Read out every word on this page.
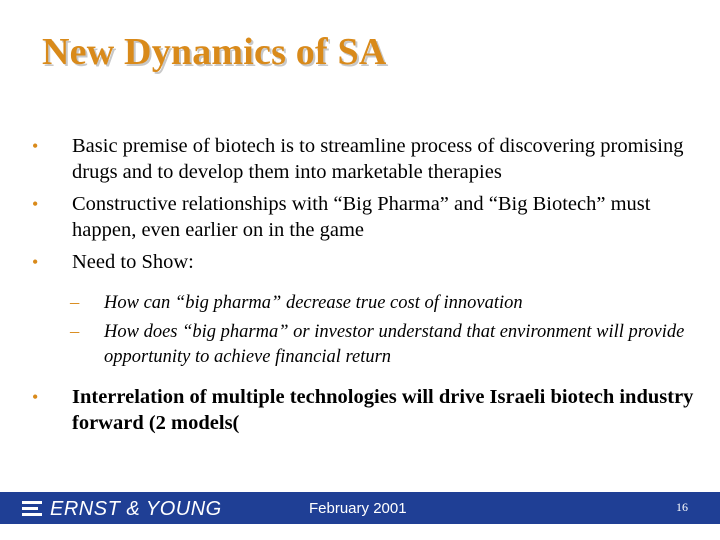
New Dynamics of SA
• Basic premise of biotech is to streamline process of discovering promising drugs and to develop them into marketable therapies
• Constructive relationships with “Big Pharma” and “Big Biotech” must happen, even earlier on in the game
• Need to Show:
– How can “big pharma” decrease true cost of innovation
– How does “big pharma” or investor understand that environment will provide opportunity to achieve financial return
• Interrelation of multiple technologies will drive Israeli biotech industry forward (2 models(
ERNST & YOUNG	February 2001	16
